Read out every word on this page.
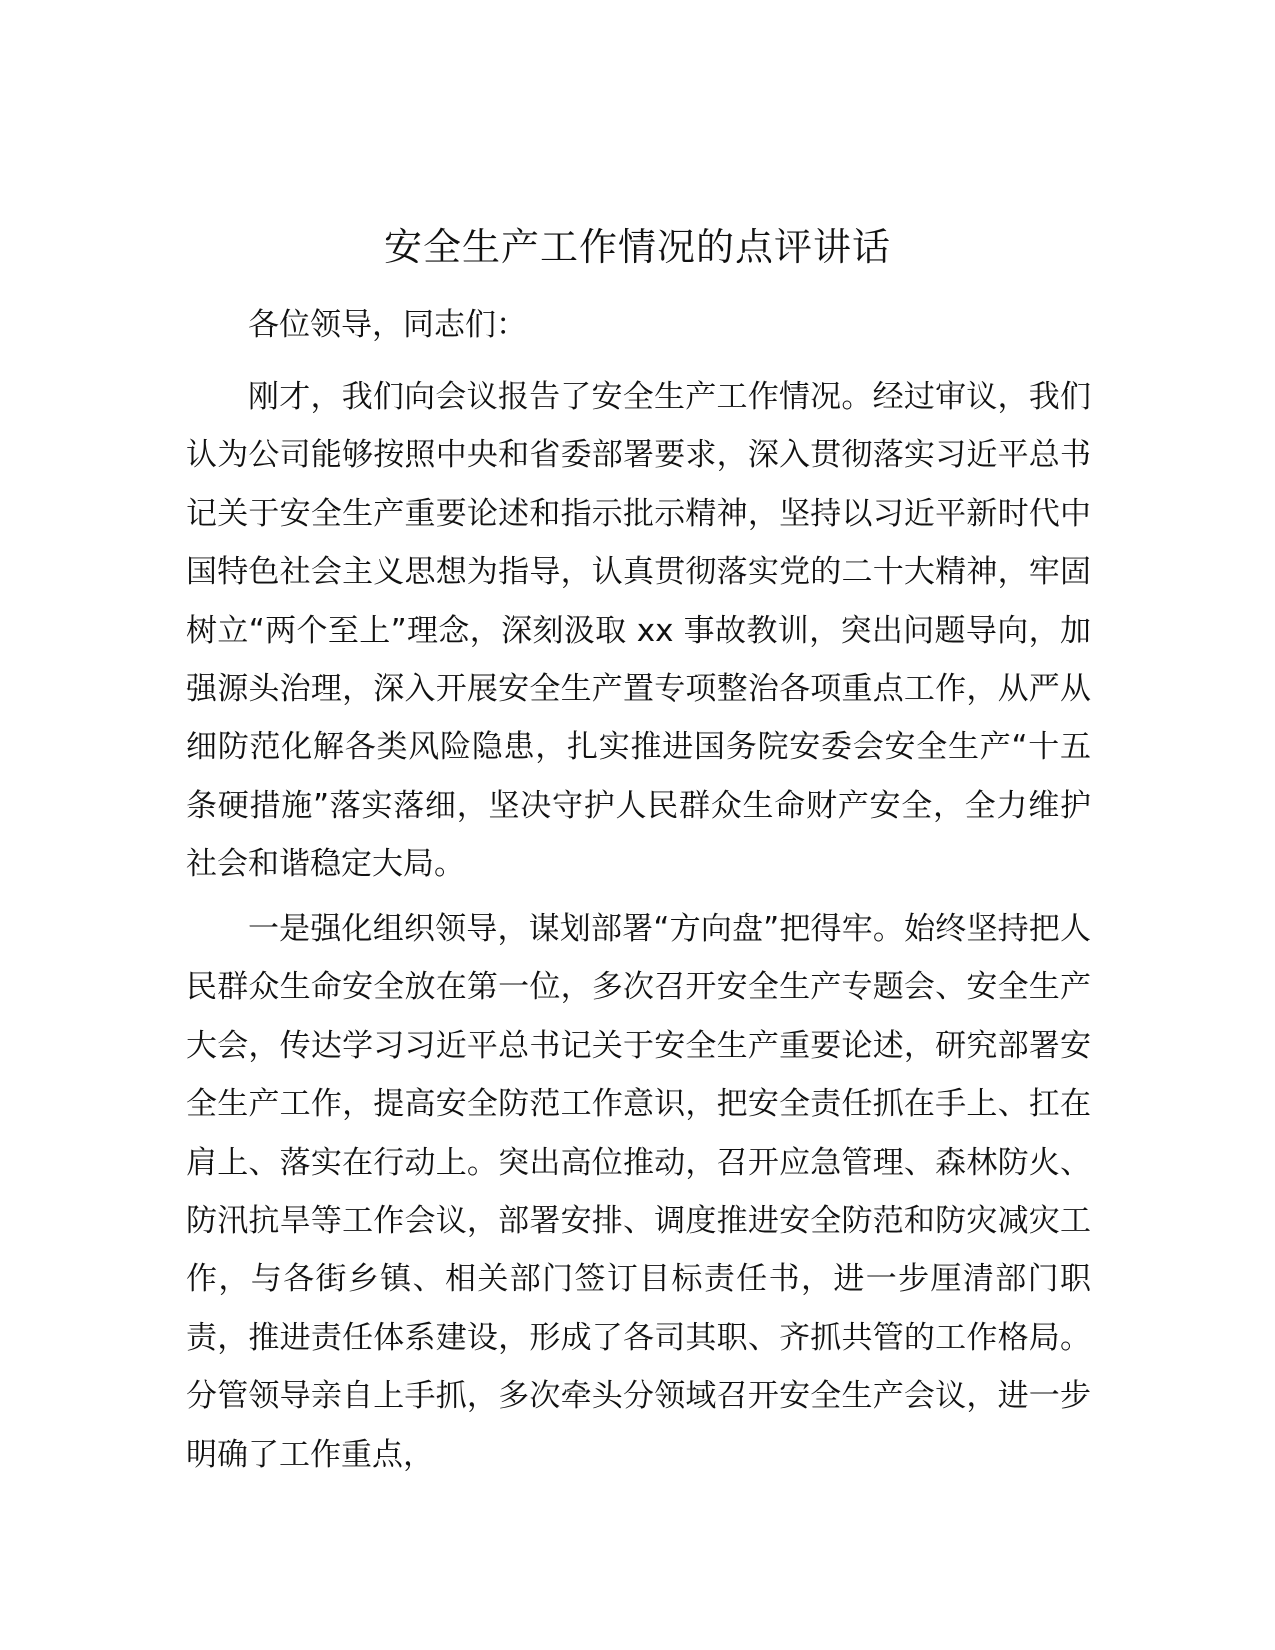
安全生产工作情况的点评讲话

各位领导，同志们：

刚才，我们向会议报告了安全生产工作情况。经过审议，我们认为公司能够按照中央和省委部署要求，深入贯彻落实习近平总书记关于安全生产重要论述和指示批示精神，坚持以习近平新时代中国特色社会主义思想为指导，认真贯彻落实党的二十大精神，牢固树立“两个至上”理念，深刻汲取 xx 事故教训，突出问题导向，加强源头治理，深入开展安全生产置专项整治各项重点工作，从严从细防范化解各类风险隐患，扎实推进国务院安委会安全生产“十五条硬措施”落实落细，坚决守护人民群众生命财产安全，全力维护社会和谐稳定大局。

一是强化组织领导，谋划部署“方向盘”把得牢。始终坚持把人民群众生命安全放在第一位，多次召开安全生产专题会、安全生产大会，传达学习习近平总书记关于安全生产重要论述，研究部署安全生产工作，提高安全防范工作意识，把安全责任抓在手上、扛在肩上、落实在行动上。突出高位推动，召开应急管理、森林防火、防汛抗旱等工作会议，部署安排、调度推进安全防范和防灾减灾工作，与各街乡镇、相关部门签订目标责任书，进一步厘清部门职责，推进责任体系建设，形成了各司其职、齐抓共管的工作格局。分管领导亲自上手抓，多次牵头分领域召开安全生产会议，进一步明确了工作重点，
